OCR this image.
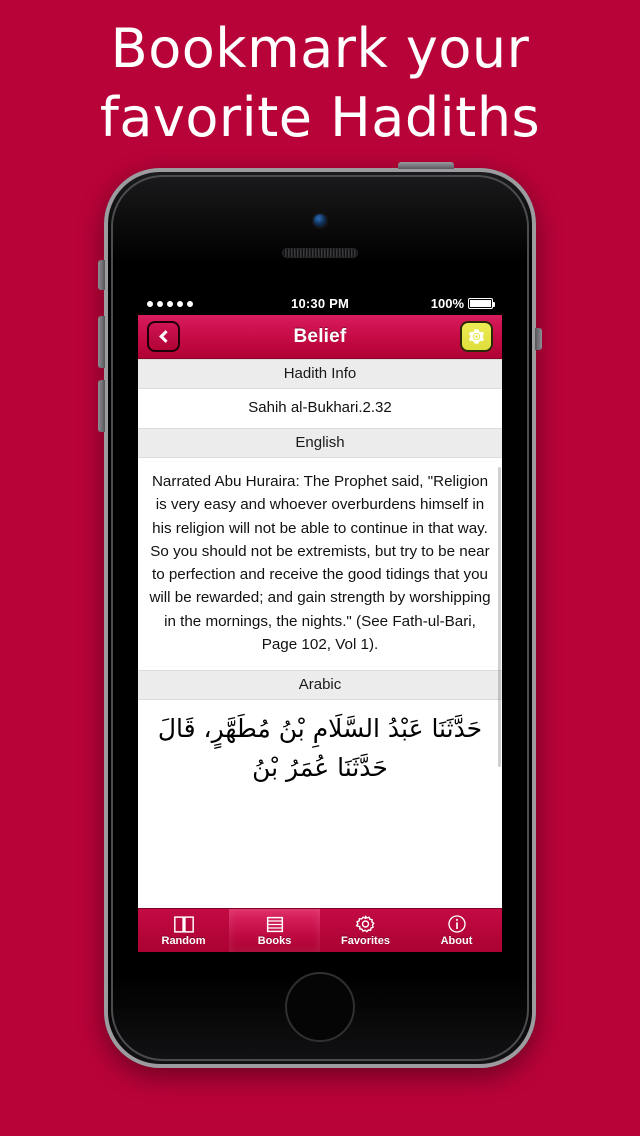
Bookmark your
favorite Hadiths
10:30 PM	100%
Belief
Hadith Info
Sahih al-Bukhari.2.32
English
Narrated Abu Huraira: The Prophet said, "Religion is very easy and whoever overburdens himself in his religion will not be able to continue in that way. So you should not be extremists, but try to be near to perfection and receive the good tidings that you will be rewarded; and gain strength by worshipping in the mornings, the nights." (See Fath-ul-Bari, Page 102, Vol 1).
Arabic
حَدَّثَنَا عَبْدُ السَّلَامِ بْنُ مُطَهَّرٍ، قَالَ حَدَّثَنَا عُمَرُ بْنُ
Random	Books	Favorites	About
